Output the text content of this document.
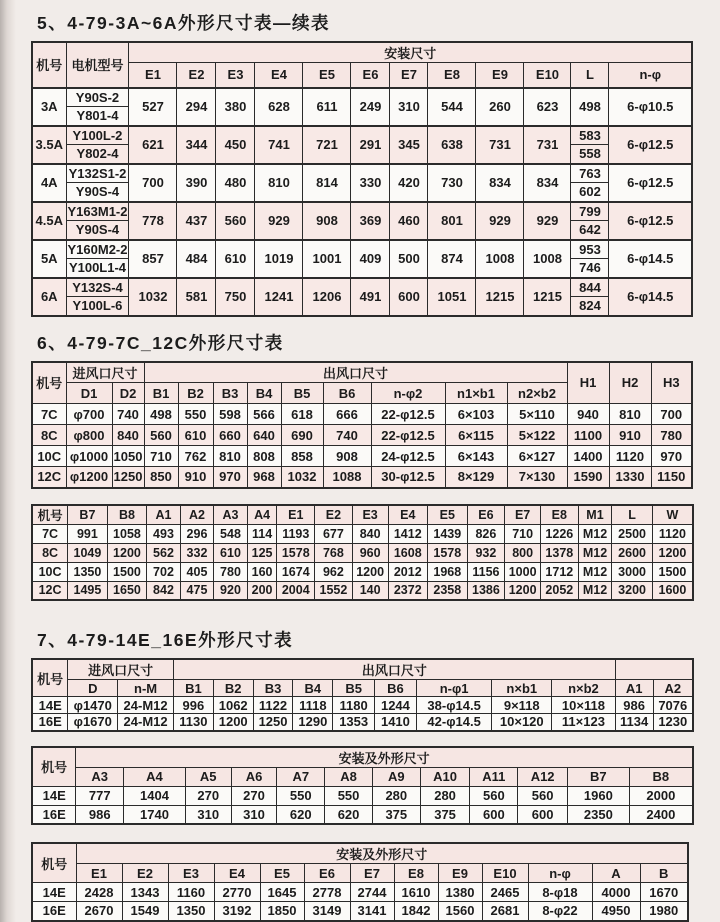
5、4-79-3A~6A外形尺寸表—续表
机号	电机型号	安装尺寸											
		E1	E2	E3	E4	E5	E6	E7	E8	E9	E10	L	n-φ
3A	Y90S-2	527	294	380	628	611	249	310	544	260	623	498	6-φ10.5
	Y801-4												
3.5A	Y100L-2	621	344	450	741	721	291	345	638	731	731	583	6-φ12.5
	Y802-4											558	
4A	Y132S1-2	700	390	480	810	814	330	420	730	834	834	763	6-φ12.5
	Y90S-4											602	
4.5A	Y163M1-2	778	437	560	929	908	369	460	801	929	929	799	6-φ12.5
	Y90S-4											642	
5A	Y160M2-2	857	484	610	1019	1001	409	500	874	1008	1008	953	6-φ14.5
	Y100L1-4											746	
6A	Y132S-4	1032	581	750	1241	1206	491	600	1051	1215	1215	844	6-φ14.5
	Y100L-6											824	
6、4-79-7C_12C外形尺寸表
机号	进风口尺寸		出风口尺寸									H1	H2	H3
	D1	D2	B1	B2	B3	B4	B5	B6	n-φ2	n1×b1	n2×b2			
7C	φ700	740	498	550	598	566	618	666	22-φ12.5	6×103	5×110	940	810	700
8C	φ800	840	560	610	660	640	690	740	22-φ12.5	6×115	5×122	1100	910	780
10C	φ1000	1050	710	762	810	808	858	908	24-φ12.5	6×143	6×127	1400	1120	970
12C	φ1200	1250	850	910	970	968	1032	1088	30-φ12.5	8×129	7×130	1590	1330	1150
机号	B7	B8	A1	A2	A3	A4	E1	E2	E3	E4	E5	E6	E7	E8	M1	L	W
7C	991	1058	493	296	548	114	1193	677	840	1412	1439	826	710	1226	M12	2500	1120
8C	1049	1200	562	332	610	125	1578	768	960	1608	1578	932	800	1378	M12	2600	1200
10C	1350	1500	702	405	780	160	1674	962	1200	2012	1968	1156	1000	1712	M12	3000	1500
12C	1495	1650	842	475	920	200	2004	1552	140	2372	2358	1386	1200	2052	M12	3200	1600
7、4-79-14E_16E外形尺寸表
机号	进风口尺寸		出风口尺寸										
	D	n-M	B1	B2	B3	B4	B5	B6	n-φ1	n×b1	n×b2	A1	A2
14E	φ1470	24-M12	996	1062	1122	1118	1180	1244	38-φ14.5	9×118	10×118	986	7076
16E	φ1670	24-M12	1130	1200	1250	1290	1353	1410	42-φ14.5	10×120	11×123	1134	1230
机号	安装及外形尺寸											
	A3	A4	A5	A6	A7	A8	A9	A10	A11	A12	B7	B8
14E	777	1404	270	270	550	550	280	280	560	560	1960	2000
16E	986	1740	310	310	620	620	375	375	600	600	2350	2400
机号	安装及外形尺寸												
	E1	E2	E3	E4	E5	E6	E7	E8	E9	E10	n-φ	A	B
14E	2428	1343	1160	2770	1645	2778	2744	1610	1380	2465	8-φ18	4000	1670
16E	2670	1549	1350	3192	1850	3149	3141	1842	1560	2681	8-φ22	4950	1980
